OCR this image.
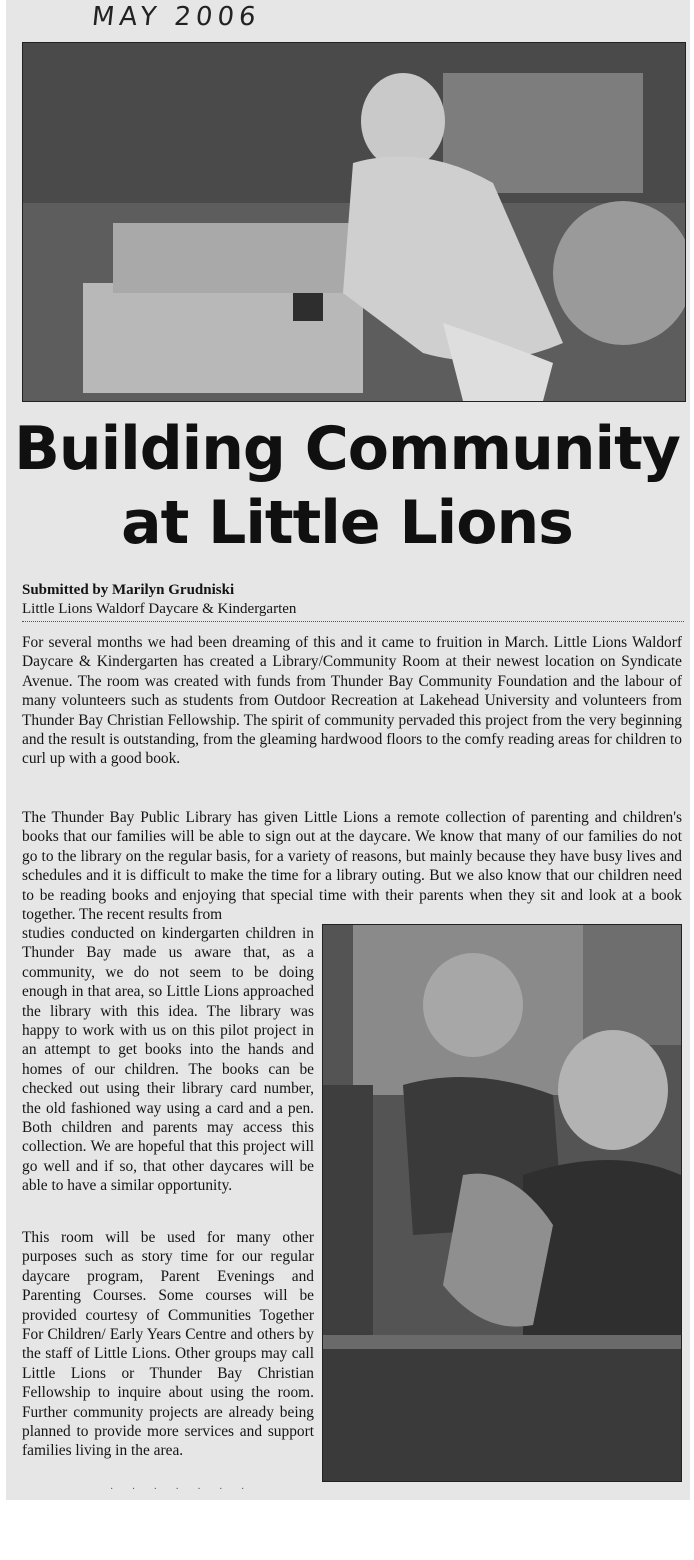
MAY 2006
Building Community
at Little Lions
Submitted by Marilyn Grudniski
Little Lions Waldorf Daycare & Kindergarten

For several months we had been dreaming of this and it came to fruition in March. Little Lions Waldorf Daycare & Kindergarten has created a Library/Community Room at their newest location on Syndicate Avenue. The room was created with funds from Thunder Bay Community Foundation and the labour of many volunteers such as students from Outdoor Recreation at Lakehead University and volunteers from Thunder Bay Christian Fellowship. The spirit of community pervaded this project from the very beginning and the result is outstanding, from the gleaming hardwood floors to the comfy reading areas for children to curl up with a good book.

The Thunder Bay Public Library has given Little Lions a remote collection of parenting and children's books that our families will be able to sign out at the daycare. We know that many of our families do not go to the library on the regular basis, for a variety of reasons, but mainly because they have busy lives and schedules and it is difficult to make the time for a library outing. But we also know that our children need to be reading books and enjoying that special time with their parents when they sit and look at a book together. The recent results from

studies conducted on kindergarten children in Thunder Bay made us aware that, as a community, we do not seem to be doing enough in that area, so Little Lions approached the library with this idea. The library was happy to work with us on this pilot project in an attempt to get books into the hands and homes of our children. The books can be checked out using their library card number, the old fashioned way using a card and a pen. Both children and parents may access this collection. We are hopeful that this project will go well and if so, that other daycares will be able to have a similar opportunity.

This room will be used for many other purposes such as story time for our regular daycare program, Parent Evenings and Parenting Courses. Some courses will be provided courtesy of Communities Together For Children/ Early Years Centre and others by the staff of Little Lions. Other groups may call Little Lions or Thunder Bay Christian Fellowship to inquire about using the room. Further community projects are already being planned to provide more services and support families living in the area.

· · · · · · ·
